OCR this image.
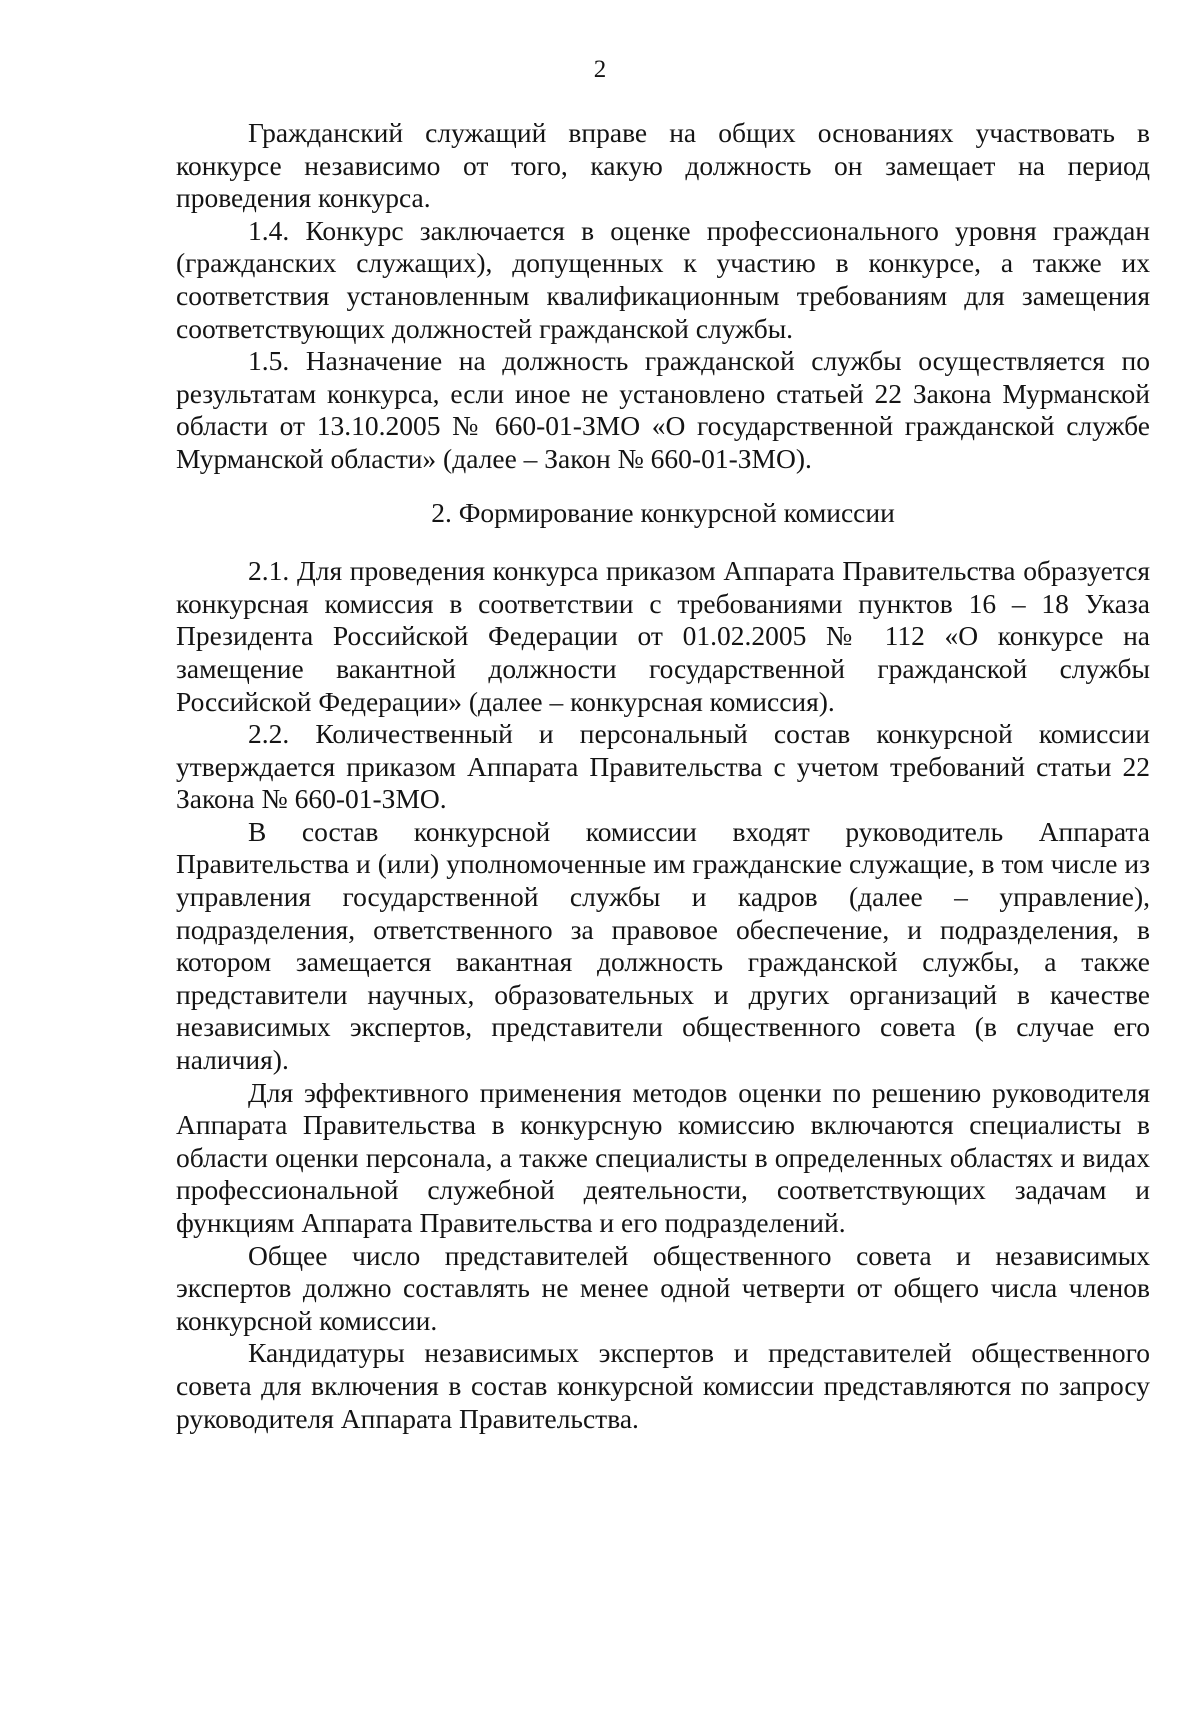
2

Гражданский служащий вправе на общих основаниях участвовать в конкурсе независимо от того, какую должность он замещает на период проведения конкурса.

1.4. Конкурс заключается в оценке профессионального уровня граждан (гражданских служащих), допущенных к участию в конкурсе, а также их соответствия установленным квалификационным требованиям для замещения соответствующих должностей гражданской службы.

1.5. Назначение на должность гражданской службы осуществляется по результатам конкурса, если иное не установлено статьей 22 Закона Мурманской области от 13.10.2005 № 660-01-ЗМО «О государственной гражданской службе Мурманской области» (далее – Закон № 660-01-ЗМО).

2. Формирование конкурсной комиссии

2.1. Для проведения конкурса приказом Аппарата Правительства образуется конкурсная комиссия в соответствии с требованиями пунктов 16 – 18 Указа Президента Российской Федерации от 01.02.2005 № 112 «О конкурсе на замещение вакантной должности государственной гражданской службы Российской Федерации» (далее – конкурсная комиссия).

2.2. Количественный и персональный состав конкурсной комиссии утверждается приказом Аппарата Правительства с учетом требований статьи 22 Закона № 660-01-ЗМО.

В состав конкурсной комиссии входят руководитель Аппарата Правительства и (или) уполномоченные им гражданские служащие, в том числе из управления государственной службы и кадров (далее – управление), подразделения, ответственного за правовое обеспечение, и подразделения, в котором замещается вакантная должность гражданской службы, а также представители научных, образовательных и других организаций в качестве независимых экспертов, представители общественного совета (в случае его наличия).

Для эффективного применения методов оценки по решению руководителя Аппарата Правительства в конкурсную комиссию включаются специалисты в области оценки персонала, а также специалисты в определенных областях и видах профессиональной служебной деятельности, соответствующих задачам и функциям Аппарата Правительства и его подразделений.

Общее число представителей общественного совета и независимых экспертов должно составлять не менее одной четверти от общего числа членов конкурсной комиссии.

Кандидатуры независимых экспертов и представителей общественного совета для включения в состав конкурсной комиссии представляются по запросу руководителя Аппарата Правительства.
